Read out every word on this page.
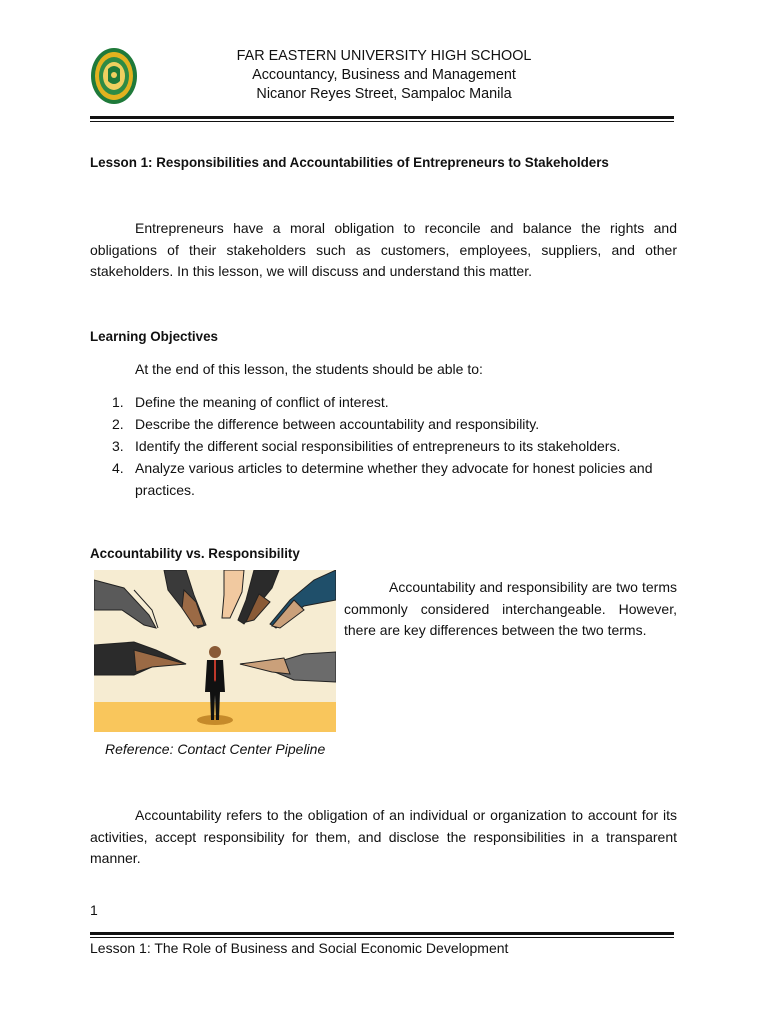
FAR EASTERN UNIVERSITY HIGH SCHOOL
Accountancy, Business and Management
Nicanor Reyes Street, Sampaloc Manila
Lesson 1: Responsibilities and Accountabilities of Entrepreneurs to Stakeholders
Entrepreneurs have a moral obligation to reconcile and balance the rights and obligations of their stakeholders such as customers, employees, suppliers, and other stakeholders. In this lesson, we will discuss and understand this matter.
Learning Objectives
At the end of this lesson, the students should be able to:
1. Define the meaning of conflict of interest.
2. Describe the difference between accountability and responsibility.
3. Identify the different social responsibilities of entrepreneurs to its stakeholders.
4. Analyze various articles to determine whether they advocate for honest policies and practices.
Accountability vs. Responsibility
Reference: Contact Center Pipeline
Accountability and responsibility are two terms commonly considered interchangeable. However, there are key differences between the two terms.
Accountability refers to the obligation of an individual or organization to account for its activities, accept responsibility for them, and disclose the responsibilities in a transparent manner.
1
Lesson 1: The Role of Business and Social Economic Development
